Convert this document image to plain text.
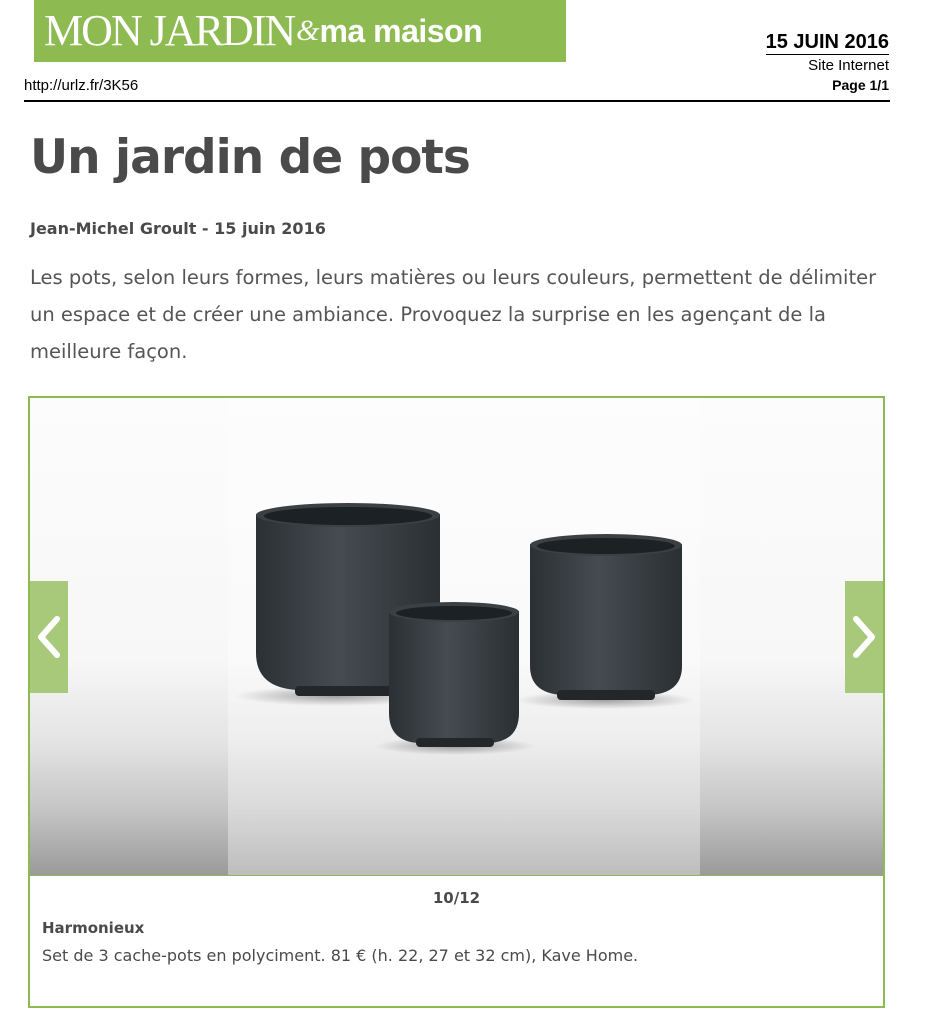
MON JARDIN & ma maison	15 JUIN 2016
Site Internet
Page 1/1
http://urlz.fr/3K56
Un jardin de pots
Jean-Michel Groult - 15 juin 2016

Les pots, selon leurs formes, leurs matières ou leurs couleurs, permettent de délimiter un espace et de créer une ambiance. Provoquez la surprise en les agençant de la meilleure façon.

10/12
Harmonieux

Set de 3 cache-pots en polyciment. 81 € (h. 22, 27 et 32 cm), Kave Home.
